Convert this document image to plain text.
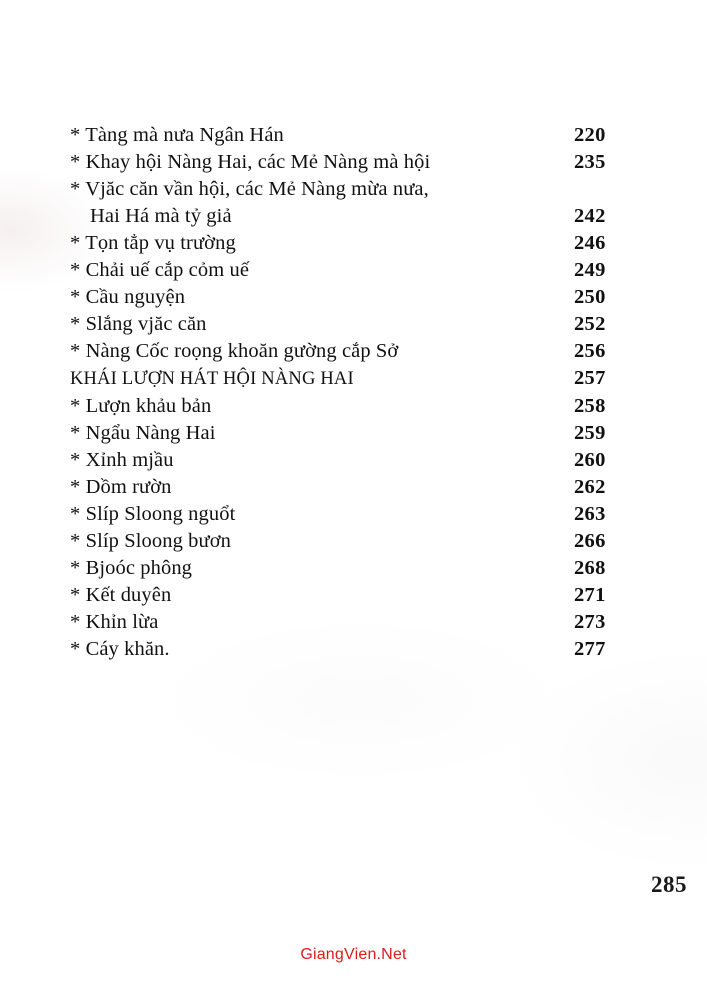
* Tàng mà nưa Ngân Hán	220
* Khay hội Nàng Hai, các Mẻ Nàng mà hội	235
* Vjăc căn vần hội, các Mẻ Nàng mừa nưa,
Hai Há mà tỷ giả	242
* Tọn tẳp vụ trường	246
* Chải uế cắp cỏm uế	249
* Cầu nguyện	250
* Slắng vjăc căn	252
* Nàng Cốc roọng khoăn gường cắp Sở	256
KHÁI LƯỢN HÁT HỘI NÀNG HAI	257
* Lượn khảu bản	258
* Ngẩu Nàng Hai	259
* Xỉnh mjầu	260
* Dồm rườn	262
* Slíp Sloong nguổt	263
* Slíp Sloong bươn	266
* Bjoóc phông	268
* Kết duyên	271
* Khỉn lừa	273
* Cáy khăn.	277
285
GiangVien.Net
